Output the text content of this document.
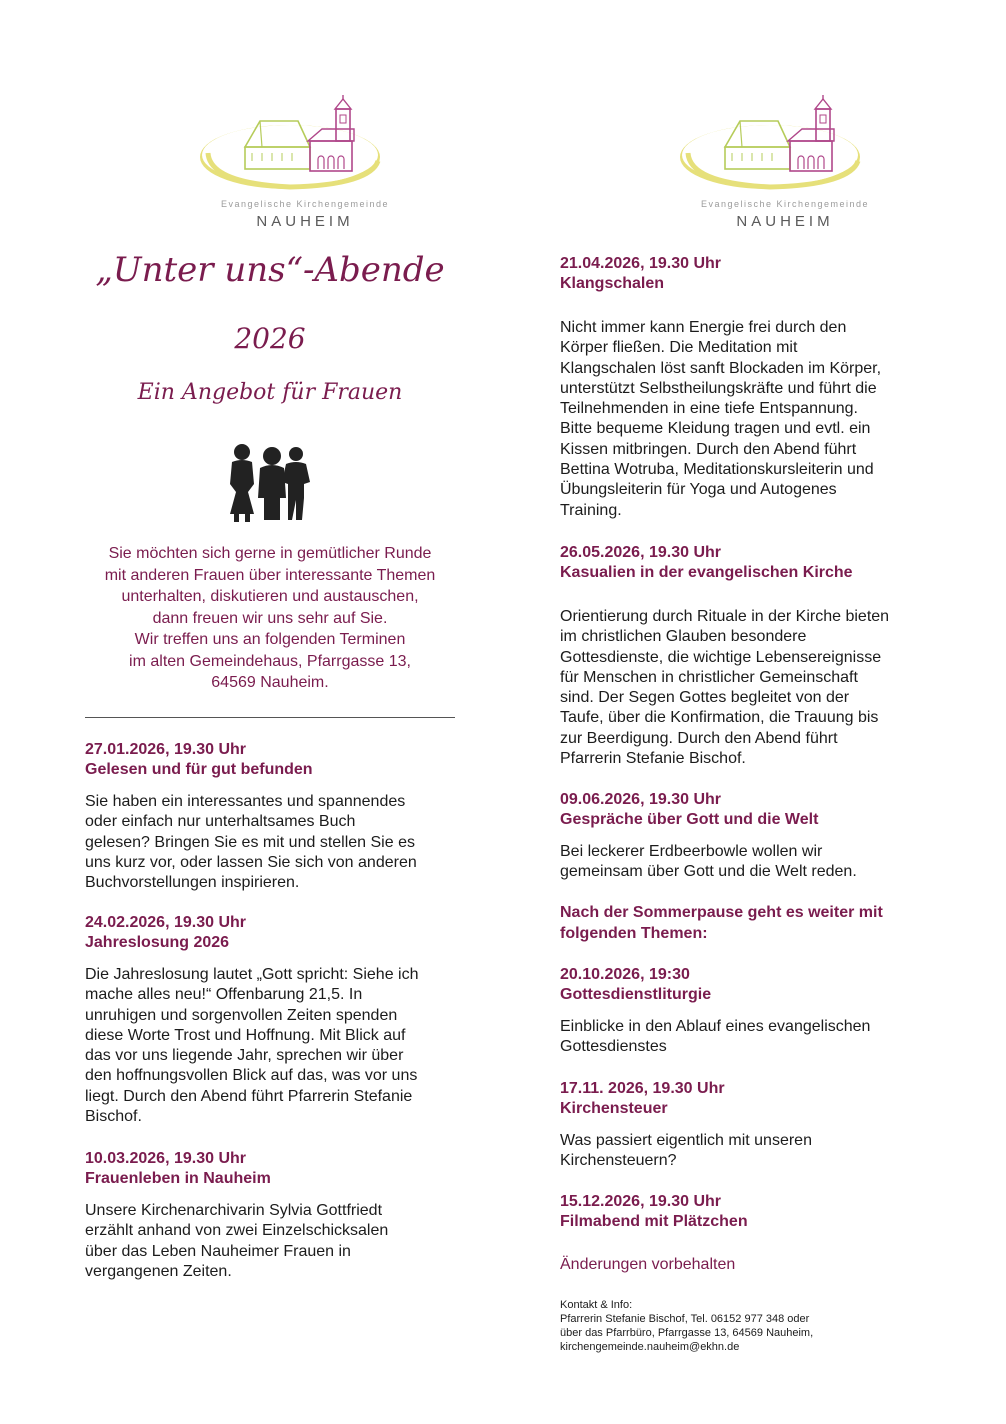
Evangelische Kirchengemeinde
NAUHEIM
„Unter uns“-Abende
2026
Ein Angebot für Frauen
Sie möchten sich gerne in gemütlicher Runde
mit anderen Frauen über interessante Themen
unterhalten, diskutieren und austauschen,
dann freuen wir uns sehr auf Sie.
Wir treffen uns an folgenden Terminen
im alten Gemeindehaus, Pfarrgasse 13,
64569 Nauheim.
27.01.2026, 19.30 Uhr
Gelesen und für gut befunden
Sie haben ein interessantes und spannendes
oder einfach nur unterhaltsames Buch
gelesen? Bringen Sie es mit und stellen Sie es
uns kurz vor, oder lassen Sie sich von anderen
Buchvorstellungen inspirieren.
24.02.2026, 19.30 Uhr
Jahreslosung 2026
Die Jahreslosung lautet „Gott spricht: Siehe ich
mache alles neu!“ Offenbarung 21,5. In
unruhigen und sorgenvollen Zeiten spenden
diese Worte Trost und Hoffnung. Mit Blick auf
das vor uns liegende Jahr, sprechen wir über
den hoffnungsvollen Blick auf das, was vor uns
liegt. Durch den Abend führt Pfarrerin Stefanie
Bischof.
10.03.2026, 19.30 Uhr
Frauenleben in Nauheim
Unsere Kirchenarchivarin Sylvia Gottfriedt
erzählt anhand von zwei Einzelschicksalen
über das Leben Nauheimer Frauen in
vergangenen Zeiten.
Evangelische Kirchengemeinde
NAUHEIM
21.04.2026, 19.30 Uhr
Klangschalen
Nicht immer kann Energie frei durch den
Körper fließen. Die Meditation mit
Klangschalen löst sanft Blockaden im Körper,
unterstützt Selbstheilungskräfte und führt die
Teilnehmenden in eine tiefe Entspannung.
Bitte bequeme Kleidung tragen und evtl. ein
Kissen mitbringen. Durch den Abend führt
Bettina Wotruba, Meditationskursleiterin und
Übungsleiterin für Yoga und Autogenes
Training.
26.05.2026, 19.30 Uhr
Kasualien in der evangelischen Kirche
Orientierung durch Rituale in der Kirche bieten
im christlichen Glauben besondere
Gottesdienste, die wichtige Lebensereignisse
für Menschen in christlicher Gemeinschaft
sind. Der Segen Gottes begleitet von der
Taufe, über die Konfirmation, die Trauung bis
zur Beerdigung. Durch den Abend führt
Pfarrerin Stefanie Bischof.
09.06.2026, 19.30 Uhr
Gespräche über Gott und die Welt
Bei leckerer Erdbeerbowle wollen wir
gemeinsam über Gott und die Welt reden.
Nach der Sommerpause geht es weiter mit
folgenden Themen:
20.10.2026, 19:30
Gottesdienstliturgie
Einblicke in den Ablauf eines evangelischen
Gottesdienstes
17.11. 2026, 19.30 Uhr
Kirchensteuer
Was passiert eigentlich mit unseren
Kirchensteuern?
15.12.2026, 19.30 Uhr
Filmabend mit Plätzchen
Änderungen vorbehalten
Kontakt & Info:
Pfarrerin Stefanie Bischof, Tel. 06152 977 348 oder
über das Pfarrbüro, Pfarrgasse 13, 64569 Nauheim,
kirchengemeinde.nauheim@ekhn.de
